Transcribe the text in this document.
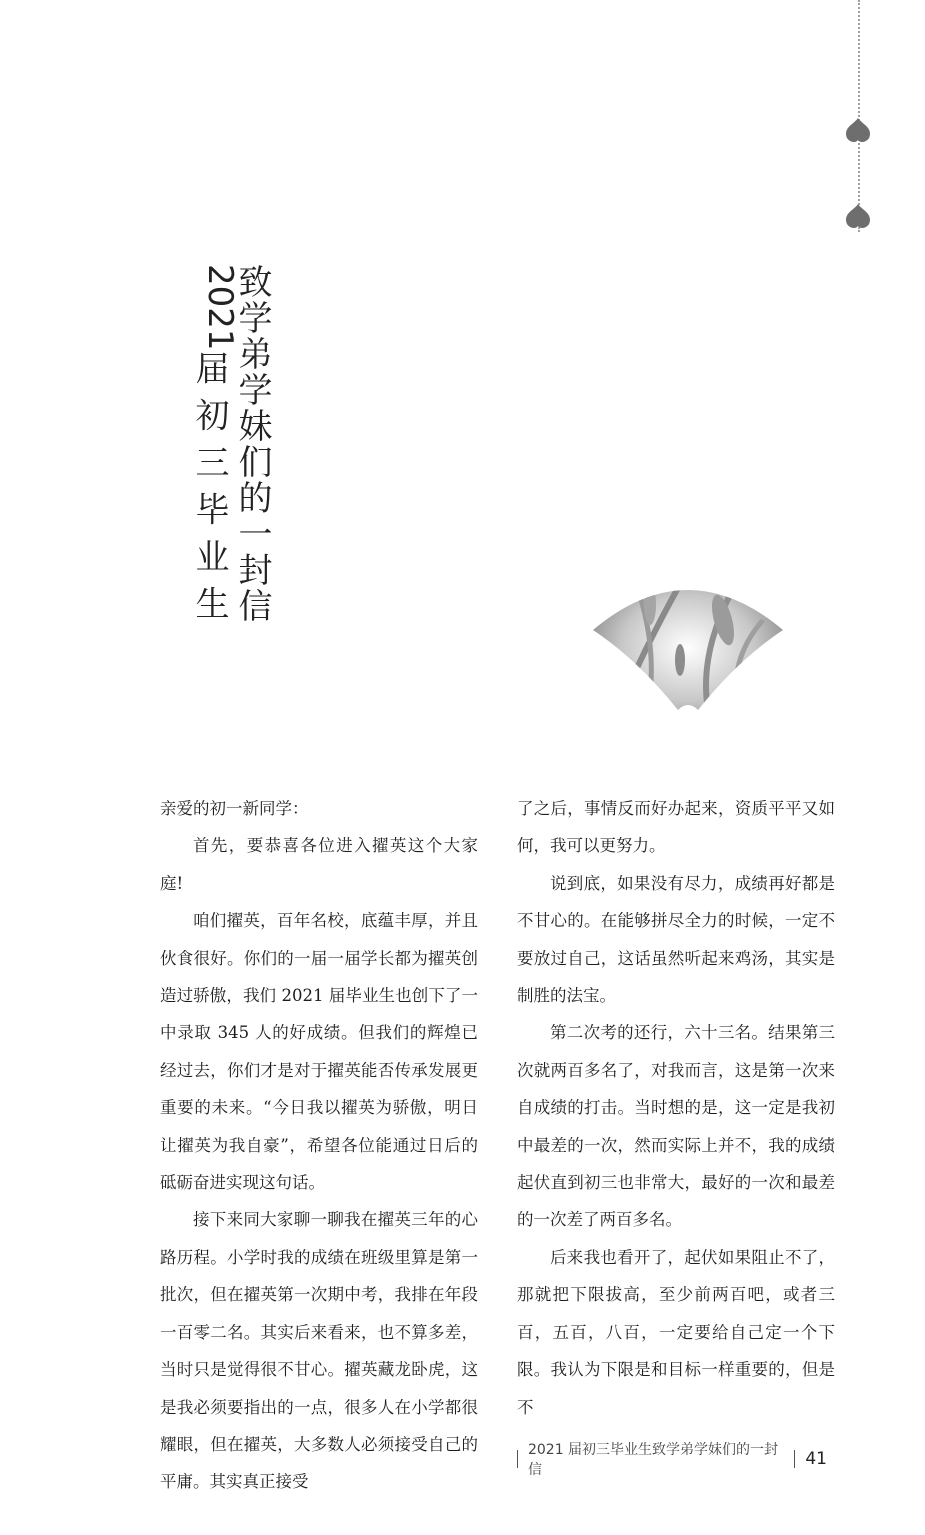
致学弟学妹们的一封信
2021届初三毕业生

亲爱的初一新同学：

首先，要恭喜各位进入擢英这个大家庭!

咱们擢英，百年名校，底蕴丰厚，并且伙食很好。你们的一届一届学长都为擢英创造过骄傲，我们 2021 届毕业生也创下了一中录取 345 人的好成绩。但我们的辉煌已经过去，你们才是对于擢英能否传承发展更重要的未来。“今日我以擢英为骄傲，明日让擢英为我自豪”，希望各位能通过日后的砥砺奋进实现这句话。

接下来同大家聊一聊我在擢英三年的心路历程。小学时我的成绩在班级里算是第一批次，但在擢英第一次期中考，我排在年段一百零二名。其实后来看来，也不算多差，当时只是觉得很不甘心。擢英藏龙卧虎，这是我必须要指出的一点，很多人在小学都很耀眼，但在擢英，大多数人必须接受自己的平庸。其实真正接受

了之后，事情反而好办起来，资质平平又如何，我可以更努力。

说到底，如果没有尽力，成绩再好都是不甘心的。在能够拼尽全力的时候，一定不要放过自己，这话虽然听起来鸡汤，其实是制胜的法宝。

第二次考的还行，六十三名。结果第三次就两百多名了，对我而言，这是第一次来自成绩的打击。当时想的是，这一定是我初中最差的一次，然而实际上并不，我的成绩起伏直到初三也非常大，最好的一次和最差的一次差了两百多名。

后来我也看开了，起伏如果阻止不了，那就把下限拔高，至少前两百吧，或者三百，五百，八百，一定要给自己定一个下限。我认为下限是和目标一样重要的，但是不

2021 届初三毕业生致学弟学妹们的一封信
41
